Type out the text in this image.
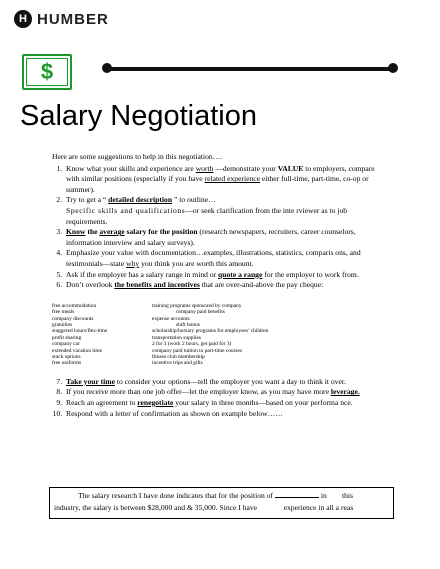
H HUMBER
$
Salary Negotiation
Here are some suggestions to help in this negotiation….
1. Know what your skills and experience are worth —demonstrate your VALUE to employers, compare with similar positions (especially if you have related experience either full-time, part-time, co-op or summer).
2. Try to get a “ detailed description ” to outline…
Specific skills and qualifications—or seek clarification from the inte rviewer as to job requirements.
3. Know the average salary for the position (research newspapers, recruiters, career counselors, information interview and salary surveys).
4. Emphasize your value with documentation…examples, illustrations, statistics, comparis ons, and testimonials—state why you think you are worth this amount.
5. Ask if the employer has a salary range in mind or quote a range for the employer to work from.
6. Don’t overlook the benefits and incentives that are over-and-above the pay cheque:
free accommodation	training programs sponsored by company
free meals	company paid benefits
company discounts	expense accounts
gratuities	shift bonus
staggered hours/flex-time	scholarship/bursary programs for employees’ children
profit sharing	transportation supplies
company car	2 for 3 (work 2 hours, get paid for 3)
extended vacation time	company paid tuition to part-time courses
stock options	fitness club membership
free uniforms	incentive trips and gifts
7. Take your time to consider your options—tell the employer you want a day to think it over.
8. If you receive more than one job offer—let the employer know, as you may have more leverage.
9. Reach an agreement to renegotiate your salary in three months—based on your performa nce.
10. Respond with a letter of confirmation as shown on example below……
The salary research I have done indicates that for the position of	in this
industry, the salary is between $28,000 and & 35,000. Since I have	experience in all a reas
